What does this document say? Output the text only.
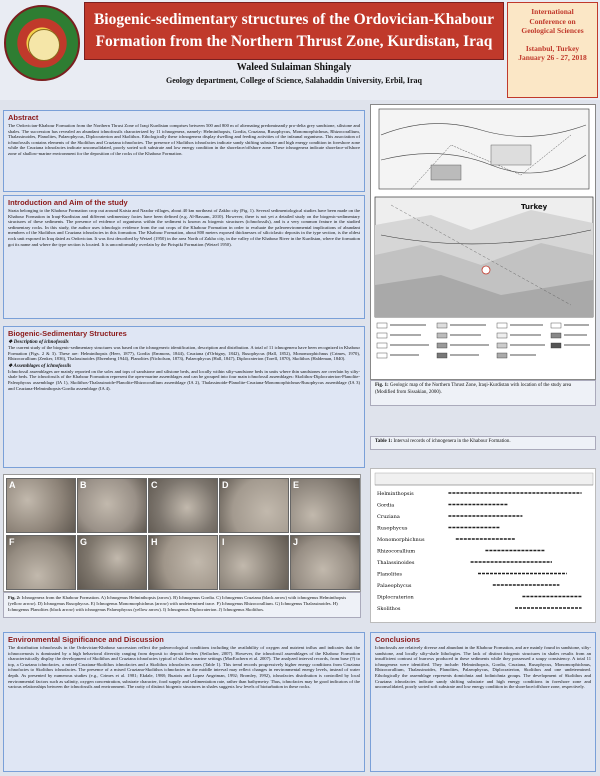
Biogenic-sedimentary structures of the Ordovician-Khabour
Formation from the Northern Thrust Zone, Kurdistan, Iraq
Waleed Sulaiman Shingaly
Geology department, College of Science, Salahaddin University, Erbil, Iraq
International
Conference on
Geological Sciences
Istanbul, Turkey
January 26 - 27, 2018
Abstract

The Ordovician-Khabour Formation from the Northern Thrust Zone of Iraqi Kurdistan comprises between 500 and 800 m of alternating predominantly pro-delta grey sandstone, siltstone and shales. The succession has revealed an abundant ichnofossils characterized by 11 ichnogenera, namely: Helminthopsis, Gordia, Cruziana, Rusophycus, Monomorphichnus, Rhizocorallium, Thalassinoides, Planolites, Palaeophycus, Diplocraterion and Skolithos. Ethologically these ichnogenera display dwelling and feeding activities of the infaunal organisms. This association of ichnofossils contains elements of the Skolithos and Cruziana ichnofacies. The presence of Skolithos ichnofacies indicate sandy shifting substrate and high energy condition in foreshore zone while the Cruziana ichnofacies indicate unconsolidated, poorly sorted soft substrate and low energy condition in the shoreface/offshore zone. These ichnogenera indicate shoreface-offshore zone of shallow-marine environment for the deposition of the rocks of the Khabour Formation.

Introduction and Aim of the study

Strata belonging to the Khabour Formation crop out around Kaista and Nazdar villages, about 40 km northeast of Zakho city (Fig. 1). Several sedimentological studies have been made on the Khabour Formation in Iraqi-Kurdistan and different sedimentary facies have been defined (e.g. Al-Bassam, 2010). However, there is not yet a detailed study on the biogenic-sedimentary structures of these sediments. The presence of evidence of organisms within the sediment is known as biogenic structures (ichnofossils), and is a very common feature in the studied sedimentary rocks. In this study, the author uses ichnologic evidence from the out crops of the Khabour Formation in order to evaluate the paleoenvironmental implications of abundant members of the Skolithos and Cruziana ichnofacies in this formation. The Khabour Formation, about 800 meters exposed thicknesses of siliciclastic deposits in the type section, is the oldest rock unit exposed in Iraq dated as Ordovician. It was first described by Wetzel (1950) in the area North of Zakho city, in the valley of the Khabour River in the Kurdistan, where the formation got its name and where the type section is located. It is unconformably overlain by the Pirispiki Formation (Wetzel 1950).

Biogenic-Sedimentary Structures
❖ Description of ichnofossils

The current study of the biogenic-sedimentary structures was based on the ichnogeneric identification, description and distribution. A total of 11 ichnogenera have been recognized in Khabour Formation (Figs. 2 & 3). These are: Helminthopsis (Heer, 1877), Gordia (Emmons, 1844), Cruziana (d'Orbigny, 1842), Rusophycus (Hall, 1852), Monomorphichnus (Crimes, 1970), Rhizocorallium (Zenker, 1836), Thalassinoides (Ehrenberg 1944), Planolites (Nicholson, 1873), Palaeophycus (Hall, 1847), Diplocraterion (Torell, 1870), Skolithos (Haldeman, 1840).

❖ Assemblages of ichnofossils

Ichnofossil assemblages are mainly reported on the soles and tops of sandstone and siltstone beds, and locally within silty-sandstone beds in units where thin sandstones are overlain by silty-shale beds. The ichnofossils of the Khabour Formation represent the open-marine assemblages and can be grouped into four main ichnofossil assemblages: Skolithos-Diplocraterion-Planolite-Paleophycus assemblage (IA 1), Skolithos-Thalassinoide-Planolite-Rhizocorallium assemblage (IA 2), Thalassinoide-Planolite-Cruziana-Monomorphichnus-Rusophycus assemblage (IA 3) and Cruziana-Helminthopsis-Gordia assemblage (IA 4).

Turkey
Fig. 1: Geologic map of the Northern Thrust Zone, Iraqi-Kurdistan with location of the study area (Modified from Sissakian, 2000).
Table 1: Interval records of ichnogenera in the Khabour Formation.
Helminthopsis
Gordia
Cruziana
Rusophycus
Monomorphichnus
Rhizocorallium
Thalassinoides
Planolites
Palaeophycus
Diplocraterion
Skolithos
A	B	C	D	E
F	G	H	I	J
Fig. 2: Ichnogenera from the Khabour Formation. A) Ichnogenus Helminthopsis (arrow). B) Ichnogenus Gordia. C) Ichnogenus Cruziana (black arrow) with ichnogenus Helminthopsis (yellow arrow). D) Ichnogenus Rusophycus. E) Ichnogenus Monomorphichnus (arrow) with undetermined trace. F) Ichnogenus Rhizocorallium. G) Ichnogenus Thalassinoides. H) Ichnogenus Planolites (black arrow) with ichnogenus Palaeophycus (yellow arrow). I) Ichnogenus Diplocraterion. J) Ichnogenus Skolithos.
Environmental Significance and Discussion

The distribution ichnofossils in the Ordovician-Khabour succession reflect the paleoecological conditions including the availability of oxygen and nutrient influx and indicates that the ichnocoenosis is dominated by a high behavioral diversity ranging from deposit to deposit feeders (Seilacher, 2007). However, the ichnofossil assemblages of the Khabour Formation characteristically display the development of Skolithos and Cruziana ichnofacies typical of shallow marine settings (MacEachern et al. 2007). The analyzed interval records, from base (?) to top, a Cruziana ichnofacies, a mixed Cruziana-Skolithos ichnofacies and a Skolithos ichnofacies zones (Table 1). This trend records progressively higher energy conditions from Cruziana ichnofacies to Skolithos ichnofacies. The presence of a mixed Cruziana-Skolithos ichnofacies in the middle interval may reflect changes in environmental energy levels, instead of water depth. As presented by numerous studies (e.g., Crimes et al. 1981; Ekdale, 1988; Buatois and Lopez Angriman, 1992; Bromley, 1992), ichnofacies distribution is controlled by local environmental factors such as salinity, oxygen concentration, substrate character, food supply and sedimentation rate, rather than bathymetry. Thus, ichnofacies may be good indicators of the various relationships between the ichnofossils and environment. The rarity of distinct biogenic structures in shales suggests low levels of bioturbation in these rocks.

Conclusions

Ichnofossils are relatively diverse and abundant in the Khabour Formation, and are mainly found in sandstone, silty-sandstone, and locally silty-shale lithologies. The lack of distinct biogenic structures in shales results from an insufficient contrast of burrows produced in these sediments while they possessed a soupy consistency. A total 11 ichnogenera were identified. They include: Helminthopsis, Gordia, Cruziana, Rusophycus, Monomorphichnus, Rhizocorallium, Thalassinoides, Planolites, Palaeophycus, Diplocraterion, Skolithos and one undetermined. Ethologically the assemblage represents domichnia and fodinichnia groups. The development of Skolithos and Cruziana ichnofacies indicate sandy shifting substrate and high energy conditions in foreshore zone and unconsolidated, poorly sorted soft substrate and low energy condition in the shoreface/offshore zone, respectively.
